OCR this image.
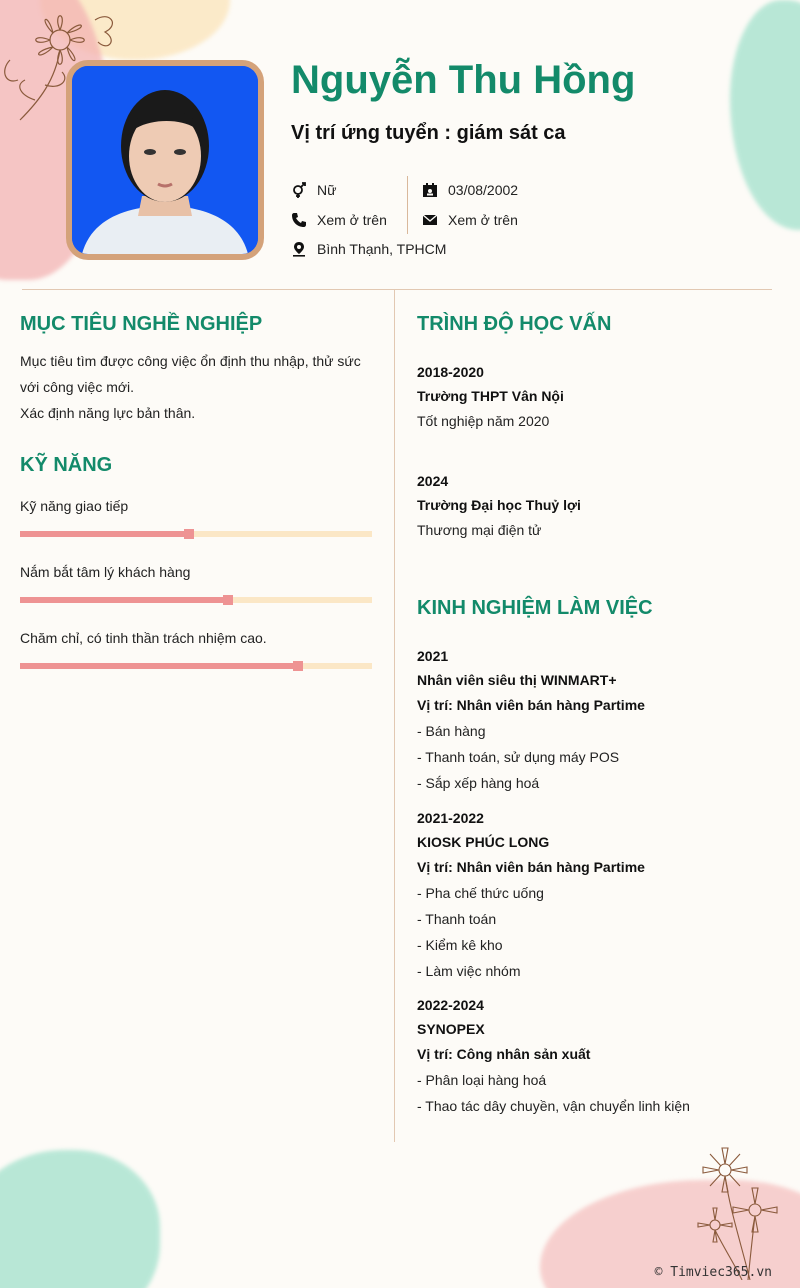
Nguyễn Thu Hồng
Vị trí ứng tuyển : giám sát ca
Nữ
Xem ở trên
Bình Thạnh, TPHCM
03/08/2002
Xem ở trên
MỤC TIÊU NGHỀ NGHIỆP
Mục tiêu tìm được công việc ổn định thu nhập, thử sức
với công việc mới.
Xác định năng lực bản thân.
KỸ NĂNG
Kỹ năng giao tiếp
Nắm bắt tâm lý khách hàng
Chăm chỉ, có tinh thần trách nhiệm cao.
TRÌNH ĐỘ HỌC VẤN
2018-2020
Trường THPT Vân Nội
Tốt nghiệp năm 2020
2024
Trường Đại học Thuỷ lợi
Thương mại điện tử
KINH NGHIỆM LÀM VIỆC
2021
Nhân viên siêu thị WINMART+
Vị trí: Nhân viên bán hàng Partime
- Bán hàng
- Thanh toán, sử dụng máy POS
- Sắp xếp hàng hoá
2021-2022
KIOSK PHÚC LONG
Vị trí: Nhân viên bán hàng Partime
- Pha chế thức uống
- Thanh toán
- Kiểm kê kho
- Làm việc nhóm
2022-2024
SYNOPEX
Vị trí: Công nhân sản xuất
- Phân loại hàng hoá
- Thao tác dây chuyền, vận chuyển linh kiện
© Timviec365.vn
